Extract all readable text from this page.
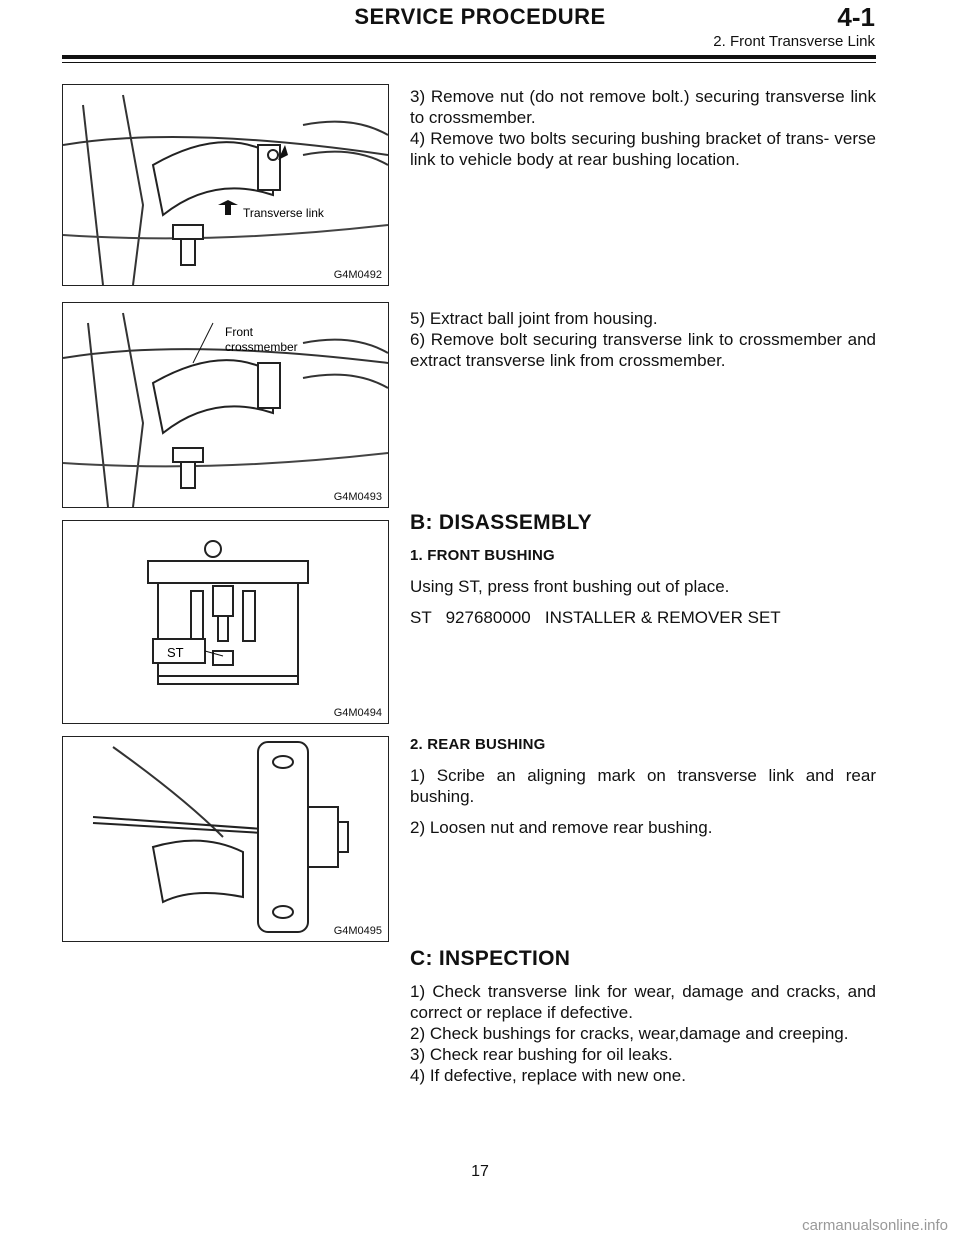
SERVICE PROCEDURE	4-1
2. Front Transverse Link
Transverse link
G4M0492

3) Remove nut (do not remove bolt.) securing transverse link to crossmember.

4) Remove two bolts securing bushing bracket of trans- verse link to vehicle body at rear bushing location.

Front
crossmember
G4M0493

5) Extract ball joint from housing.

6) Remove bolt securing transverse link to crossmember and extract transverse link from crossmember.

ST
G4M0494
B: DISASSEMBLY
1. FRONT BUSHING

Using ST, press front bushing out of place.

ST   927680000   INSTALLER & REMOVER SET

G4M0495
2. REAR BUSHING

1) Scribe an aligning mark on transverse link and rear bushing.

2) Loosen nut and remove rear bushing.

C: INSPECTION

1) Check transverse link for wear, damage and cracks, and correct or replace if defective.

2) Check bushings for cracks, wear,damage and creeping.

3) Check rear bushing for oil leaks.

4) If defective, replace with new one.

17
carmanualsonline.info
